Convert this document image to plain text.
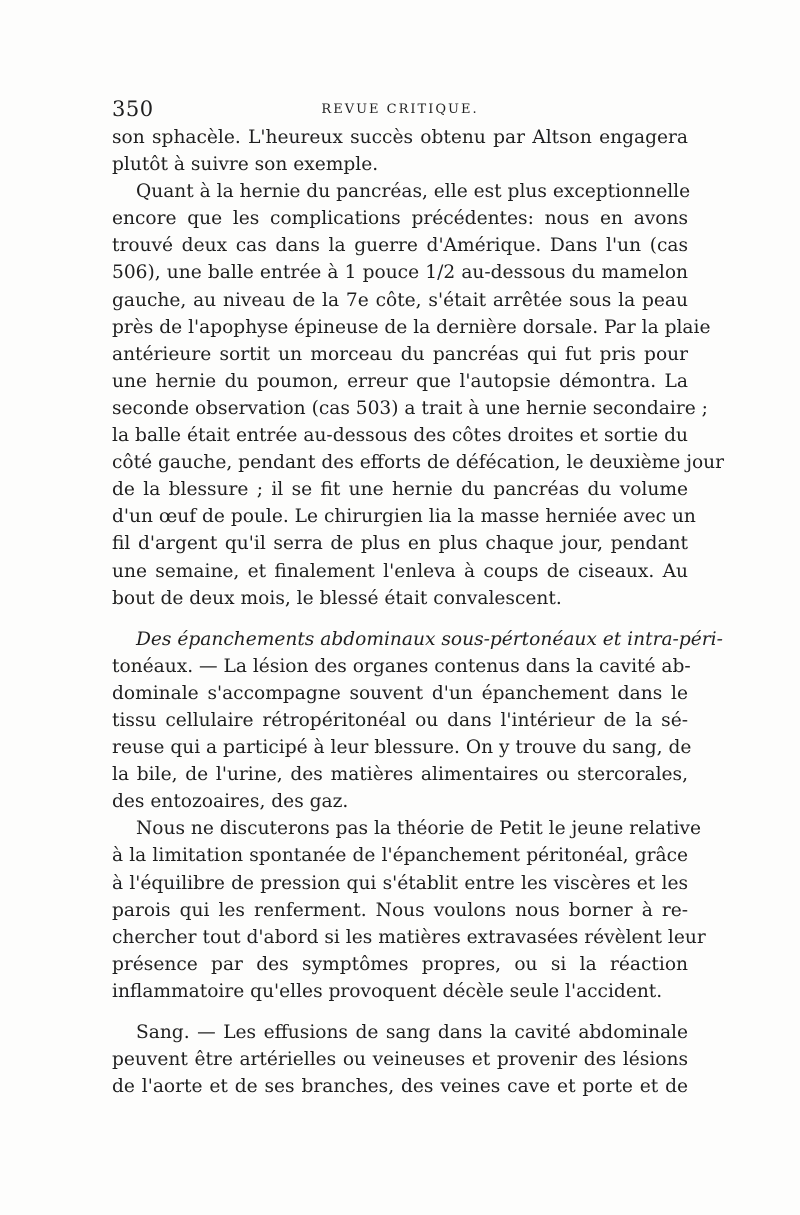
350	REVUE CRITIQUE.
son sphacèle. L'heureux succès obtenu par Altson engagera
plutôt à suivre son exemple.
Quant à la hernie du pancréas, elle est plus exceptionnelle
encore que les complications précédentes: nous en avons
trouvé deux cas dans la guerre d'Amérique. Dans l'un (cas
506), une balle entrée à 1 pouce 1/2 au-dessous du mamelon
gauche, au niveau de la 7e côte, s'était arrêtée sous la peau
près de l'apophyse épineuse de la dernière dorsale. Par la plaie
antérieure sortit un morceau du pancréas qui fut pris pour
une hernie du poumon, erreur que l'autopsie démontra. La
seconde observation (cas 503) a trait à une hernie secondaire ;
la balle était entrée au-dessous des côtes droites et sortie du
côté gauche, pendant des efforts de défécation, le deuxième jour
de la blessure ; il se fit une hernie du pancréas du volume
d'un œuf de poule. Le chirurgien lia la masse herniée avec un
fil d'argent qu'il serra de plus en plus chaque jour, pendant
une semaine, et finalement l'enleva à coups de ciseaux. Au
bout de deux mois, le blessé était convalescent.
Des épanchements abdominaux sous-pértonéaux et intra-péri-
tonéaux. — La lésion des organes contenus dans la cavité ab-
dominale s'accompagne souvent d'un épanchement dans le
tissu cellulaire rétropéritonéal ou dans l'intérieur de la sé-
reuse qui a participé à leur blessure. On y trouve du sang, de
la bile, de l'urine, des matières alimentaires ou stercorales,
des entozoaires, des gaz.
Nous ne discuterons pas la théorie de Petit le jeune relative
à la limitation spontanée de l'épanchement péritonéal, grâce
à l'équilibre de pression qui s'établit entre les viscères et les
parois qui les renferment. Nous voulons nous borner à re-
chercher tout d'abord si les matières extravasées révèlent leur
présence par des symptômes propres, ou si la réaction
inflammatoire qu'elles provoquent décèle seule l'accident.
Sang. — Les effusions de sang dans la cavité abdominale
peuvent être artérielles ou veineuses et provenir des lésions
de l'aorte et de ses branches, des veines cave et porte et de
